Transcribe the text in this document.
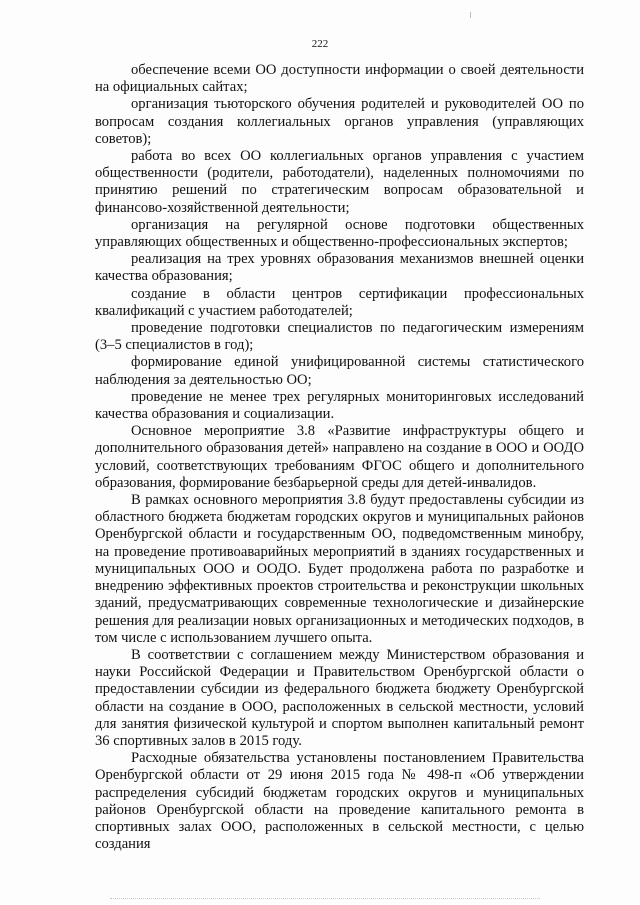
222

обеспечение всеми ОО доступности информации о своей деятельности на официальных сайтах;

организация тьюторского обучения родителей и руководителей ОО по вопросам создания коллегиальных органов управления (управляющих советов);

работа во всех ОО коллегиальных органов управления с участием общественности (родители, работодатели), наделенных полномочиями по принятию решений по стратегическим вопросам образовательной и финансово-хозяйственной деятельности;

организация на регулярной основе подготовки общественных управляющих общественных и общественно-профессиональных экспертов;

реализация на трех уровнях образования механизмов внешней оценки качества образования;

создание в области центров сертификации профессиональных квалификаций с участием работодателей;

проведение подготовки специалистов по педагогическим измерениям (3–5 специалистов в год);

формирование единой унифицированной системы статистического наблюдения за деятельностью ОО;

проведение не менее трех регулярных мониторинговых исследований качества образования и социализации.

Основное мероприятие 3.8 «Развитие инфраструктуры общего и дополнительного образования детей» направлено на создание в ООО и ООДО условий, соответствующих требованиям ФГОС общего и дополнительного образования, формирование безбарьерной среды для детей-инвалидов.

В рамках основного мероприятия 3.8 будут предоставлены субсидии из областного бюджета бюджетам городских округов и муниципальных районов Оренбургской области и государственным ОО, подведомственным минобру, на проведение противоаварийных мероприятий в зданиях государственных и муниципальных ООО и ООДО. Будет продолжена работа по разработке и внедрению эффективных проектов строительства и реконструкции школьных зданий, предусматривающих современные технологические и дизайнерские решения для реализации новых организационных и методических подходов, в том числе с использованием лучшего опыта.

В соответствии с соглашением между Министерством образования и науки Российской Федерации и Правительством Оренбургской области о предоставлении субсидии из федерального бюджета бюджету Оренбургской области на создание в ООО, расположенных в сельской местности, условий для занятия физической культурой и спортом выполнен капитальный ремонт 36 спортивных залов в 2015 году.

Расходные обязательства установлены постановлением Правительства Оренбургской области от 29 июня 2015 года № 498-п «Об утверждении распределения субсидий бюджетам городских округов и муниципальных районов Оренбургской области на проведение капитального ремонта в спортивных залах ООО, расположенных в сельской местности, с целью создания
